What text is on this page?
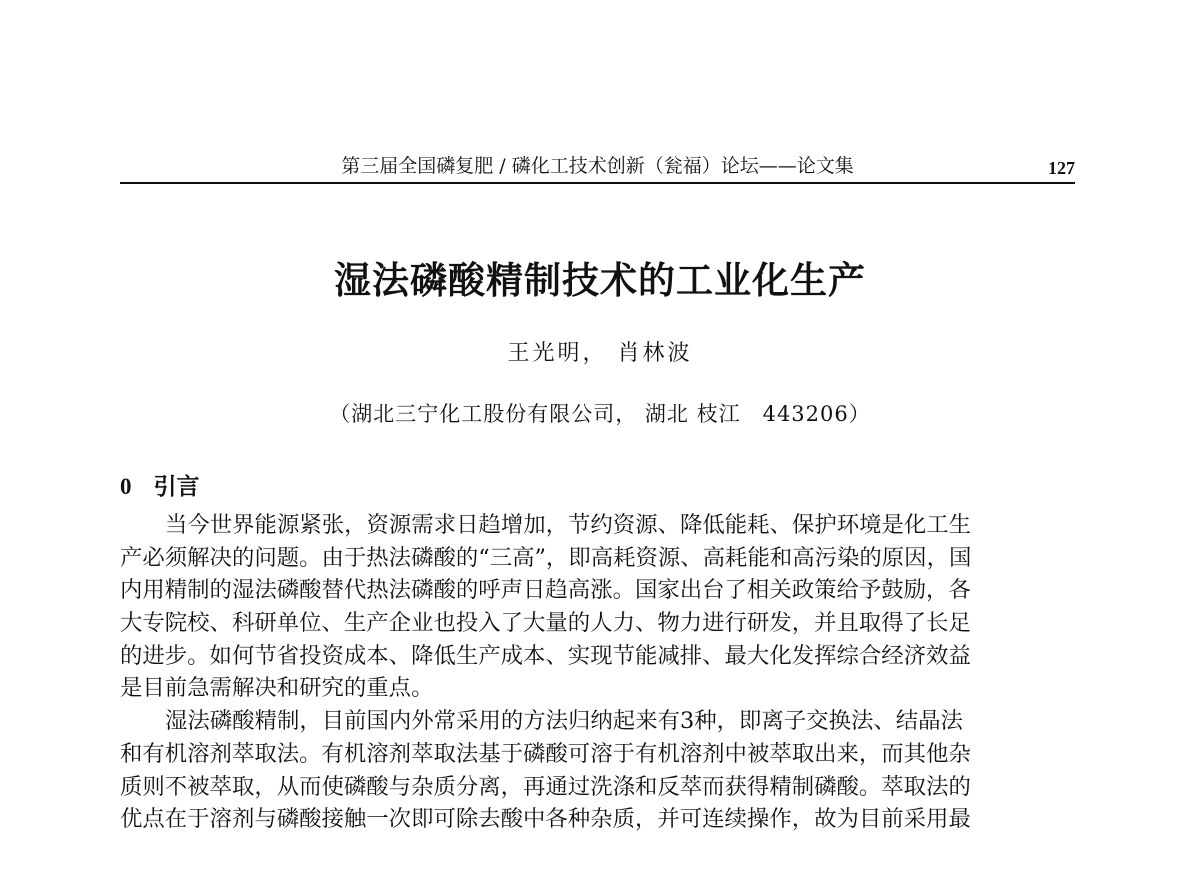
第三届全国磷复肥 / 磷化工技术创新（瓮福）论坛——论文集	127
湿法磷酸精制技术的工业化生产
王光明， 肖林波
（湖北三宁化工股份有限公司， 湖北 枝江　443206）
0 引言
当今世界能源紧张，资源需求日趋增加，节约资源、降低能耗、保护环境是化工生
产必须解决的问题。由于热法磷酸的“三高”，即高耗资源、高耗能和高污染的原因，国
内用精制的湿法磷酸替代热法磷酸的呼声日趋高涨。国家出台了相关政策给予鼓励，各
大专院校、科研单位、生产企业也投入了大量的人力、物力进行研发，并且取得了长足
的进步。如何节省投资成本、降低生产成本、实现节能减排、最大化发挥综合经济效益
是目前急需解决和研究的重点。
湿法磷酸精制，目前国内外常采用的方法归纳起来有3种，即离子交换法、结晶法
和有机溶剂萃取法。有机溶剂萃取法基于磷酸可溶于有机溶剂中被萃取出来，而其他杂
质则不被萃取，从而使磷酸与杂质分离，再通过洗涤和反萃而获得精制磷酸。萃取法的
优点在于溶剂与磷酸接触一次即可除去酸中各种杂质，并可连续操作，故为目前采用最
